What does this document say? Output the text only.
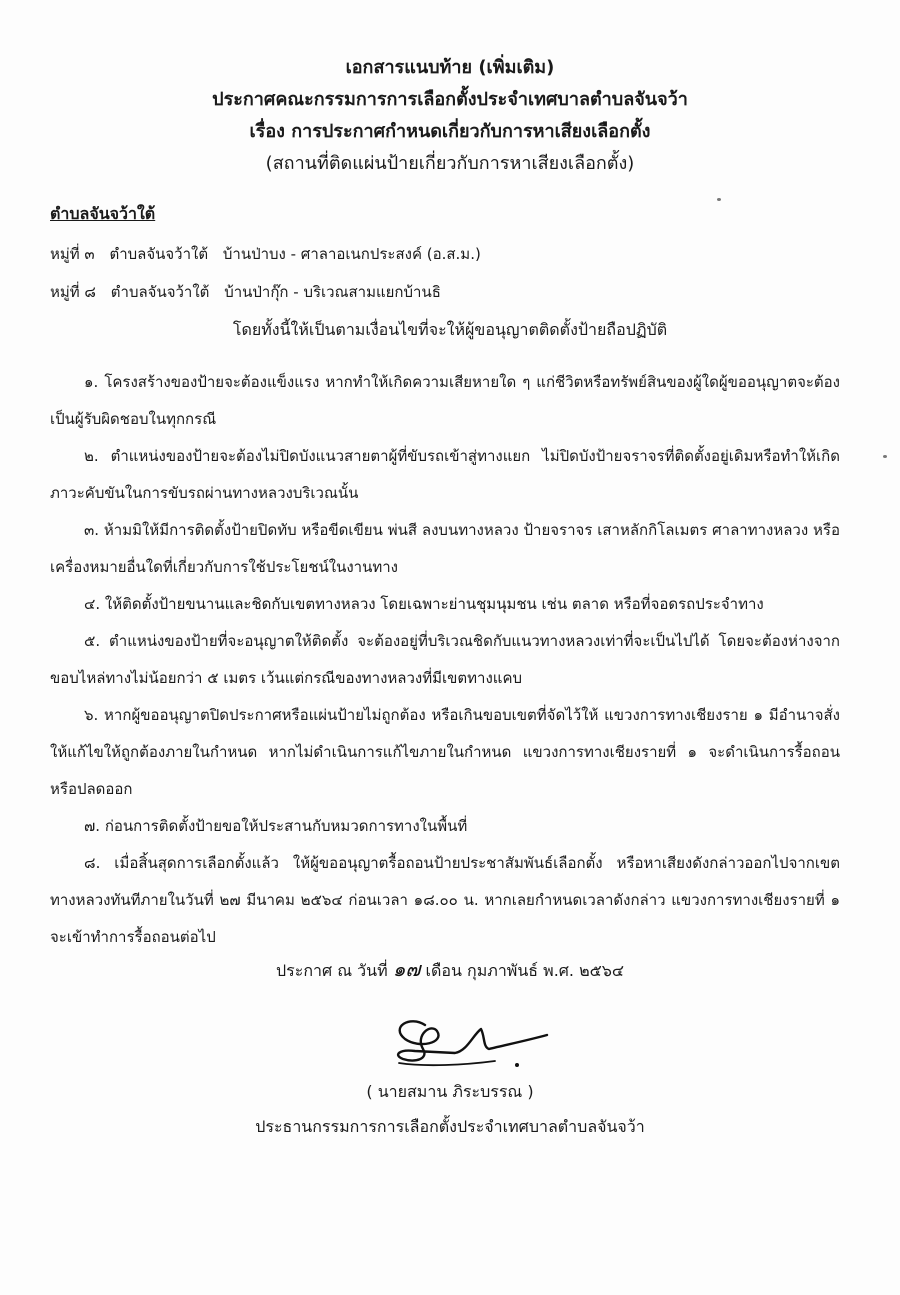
เอกสารแนบท้าย (เพิ่มเติม)
ประกาศคณะกรรมการการเลือกตั้งประจำเทศบาลตำบลจันจว้า
เรื่อง การประกาศกำหนดเกี่ยวกับการหาเสียงเลือกตั้ง
(สถานที่ติดแผ่นป้ายเกี่ยวกับการหาเสียงเลือกตั้ง)
ตำบลจันจว้าใต้
หมู่ที่ ๓ ตำบลจันจว้าใต้ บ้านป่าบง - ศาลาอเนกประสงค์ (อ.ส.ม.)
หมู่ที่ ๘ ตำบลจันจว้าใต้ บ้านป่ากุ๊ก - บริเวณสามแยกบ้านธิ
โดยทั้งนี้ให้เป็นตามเงื่อนไขที่จะให้ผู้ขอนุญาตติดตั้งป้ายถือปฏิบัติ

๑. โครงสร้างของป้ายจะต้องแข็งแรง หากทำให้เกิดความเสียหายใด ๆ แก่ชีวิตหรือทรัพย์สินของผู้ใดผู้ขออนุญาตจะต้องเป็นผู้รับผิดชอบในทุกกรณี

๒. ตำแหน่งของป้ายจะต้องไม่ปิดบังแนวสายตาผู้ที่ขับรถเข้าสู่ทางแยก ไม่ปิดบังป้ายจราจรที่ติดตั้งอยู่เดิมหรือทำให้เกิดภาวะคับขันในการขับรถผ่านทางหลวงบริเวณนั้น

๓. ห้ามมิให้มีการติดตั้งป้ายปิดทับ หรือขีดเขียน พ่นสี ลงบนทางหลวง ป้ายจราจร เสาหลักกิโลเมตร ศาลาทางหลวง หรือเครื่องหมายอื่นใดที่เกี่ยวกับการใช้ประโยชน์ในงานทาง

๔. ให้ติดตั้งป้ายขนานและชิดกับเขตทางหลวง โดยเฉพาะย่านชุมนุมชน เช่น ตลาด หรือที่จอดรถประจำทาง

๕. ตำแหน่งของป้ายที่จะอนุญาตให้ติดตั้ง จะต้องอยู่ที่บริเวณชิดกับแนวทางหลวงเท่าที่จะเป็นไปได้ โดยจะต้องห่างจากขอบไหล่ทางไม่น้อยกว่า ๕ เมตร เว้นแต่กรณีของทางหลวงที่มีเขตทางแคบ

๖. หากผู้ขออนุญาตปิดประกาศหรือแผ่นป้ายไม่ถูกต้อง หรือเกินขอบเขตที่จัดไว้ให้ แขวงการทางเชียงราย ๑ มีอำนาจสั่งให้แก้ไขให้ถูกต้องภายในกำหนด หากไม่ดำเนินการแก้ไขภายในกำหนด แขวงการทางเชียงรายที่ ๑ จะดำเนินการรื้อถอน หรือปลดออก

๗. ก่อนการติดตั้งป้ายขอให้ประสานกับหมวดการทางในพื้นที่

๘. เมื่อสิ้นสุดการเลือกตั้งแล้ว ให้ผู้ขออนุญาตรื้อถอนป้ายประชาสัมพันธ์เลือกตั้ง หรือหาเสียงดังกล่าวออกไปจากเขตทางหลวงทันทีภายในวันที่ ๒๗ มีนาคม ๒๕๖๔ ก่อนเวลา ๑๘.๐๐ น. หากเลยกำหนดเวลาดังกล่าว แขวงการทางเชียงรายที่ ๑ จะเข้าทำการรื้อถอนต่อไป

ประกาศ ณ วันที่ ๑๗ เดือน กุมภาพันธ์ พ.ศ. ๒๕๖๔
( นายสมาน ภิระบรรณ )
ประธานกรรมการการเลือกตั้งประจำเทศบาลตำบลจันจว้า
